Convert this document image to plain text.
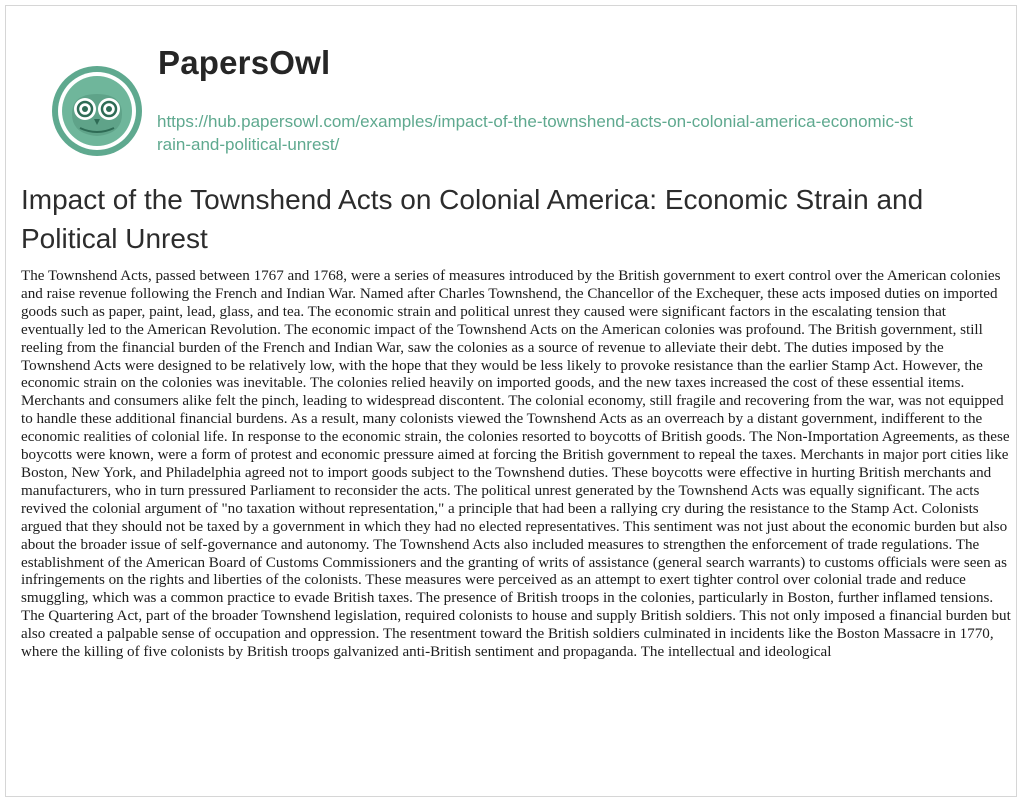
PapersOwl
https://hub.papersowl.com/examples/impact-of-the-townshend-acts-on-colonial-america-economic-strain-and-political-unrest/
Impact of the Townshend Acts on Colonial America: Economic Strain and Political Unrest

The Townshend Acts, passed between 1767 and 1768, were a series of measures introduced by the British government to exert control over the American colonies and raise revenue following the French and Indian War. Named after Charles Townshend, the Chancellor of the Exchequer, these acts imposed duties on imported goods such as paper, paint, lead, glass, and tea. The economic strain and political unrest they caused were significant factors in the escalating tension that eventually led to the American Revolution. The economic impact of the Townshend Acts on the American colonies was profound. The British government, still reeling from the financial burden of the French and Indian War, saw the colonies as a source of revenue to alleviate their debt. The duties imposed by the Townshend Acts were designed to be relatively low, with the hope that they would be less likely to provoke resistance than the earlier Stamp Act. However, the economic strain on the colonies was inevitable. The colonies relied heavily on imported goods, and the new taxes increased the cost of these essential items. Merchants and consumers alike felt the pinch, leading to widespread discontent. The colonial economy, still fragile and recovering from the war, was not equipped to handle these additional financial burdens. As a result, many colonists viewed the Townshend Acts as an overreach by a distant government, indifferent to the economic realities of colonial life. In response to the economic strain, the colonies resorted to boycotts of British goods. The Non-Importation Agreements, as these boycotts were known, were a form of protest and economic pressure aimed at forcing the British government to repeal the taxes. Merchants in major port cities like Boston, New York, and Philadelphia agreed not to import goods subject to the Townshend duties. These boycotts were effective in hurting British merchants and manufacturers, who in turn pressured Parliament to reconsider the acts. The political unrest generated by the Townshend Acts was equally significant. The acts revived the colonial argument of "no taxation without representation," a principle that had been a rallying cry during the resistance to the Stamp Act. Colonists argued that they should not be taxed by a government in which they had no elected representatives. This sentiment was not just about the economic burden but also about the broader issue of self-governance and autonomy. The Townshend Acts also included measures to strengthen the enforcement of trade regulations. The establishment of the American Board of Customs Commissioners and the granting of writs of assistance (general search warrants) to customs officials were seen as infringements on the rights and liberties of the colonists. These measures were perceived as an attempt to exert tighter control over colonial trade and reduce smuggling, which was a common practice to evade British taxes. The presence of British troops in the colonies, particularly in Boston, further inflamed tensions. The Quartering Act, part of the broader Townshend legislation, required colonists to house and supply British soldiers. This not only imposed a financial burden but also created a palpable sense of occupation and oppression. The resentment toward the British soldiers culminated in incidents like the Boston Massacre in 1770, where the killing of five colonists by British troops galvanized anti-British sentiment and propaganda. The intellectual and ideological
